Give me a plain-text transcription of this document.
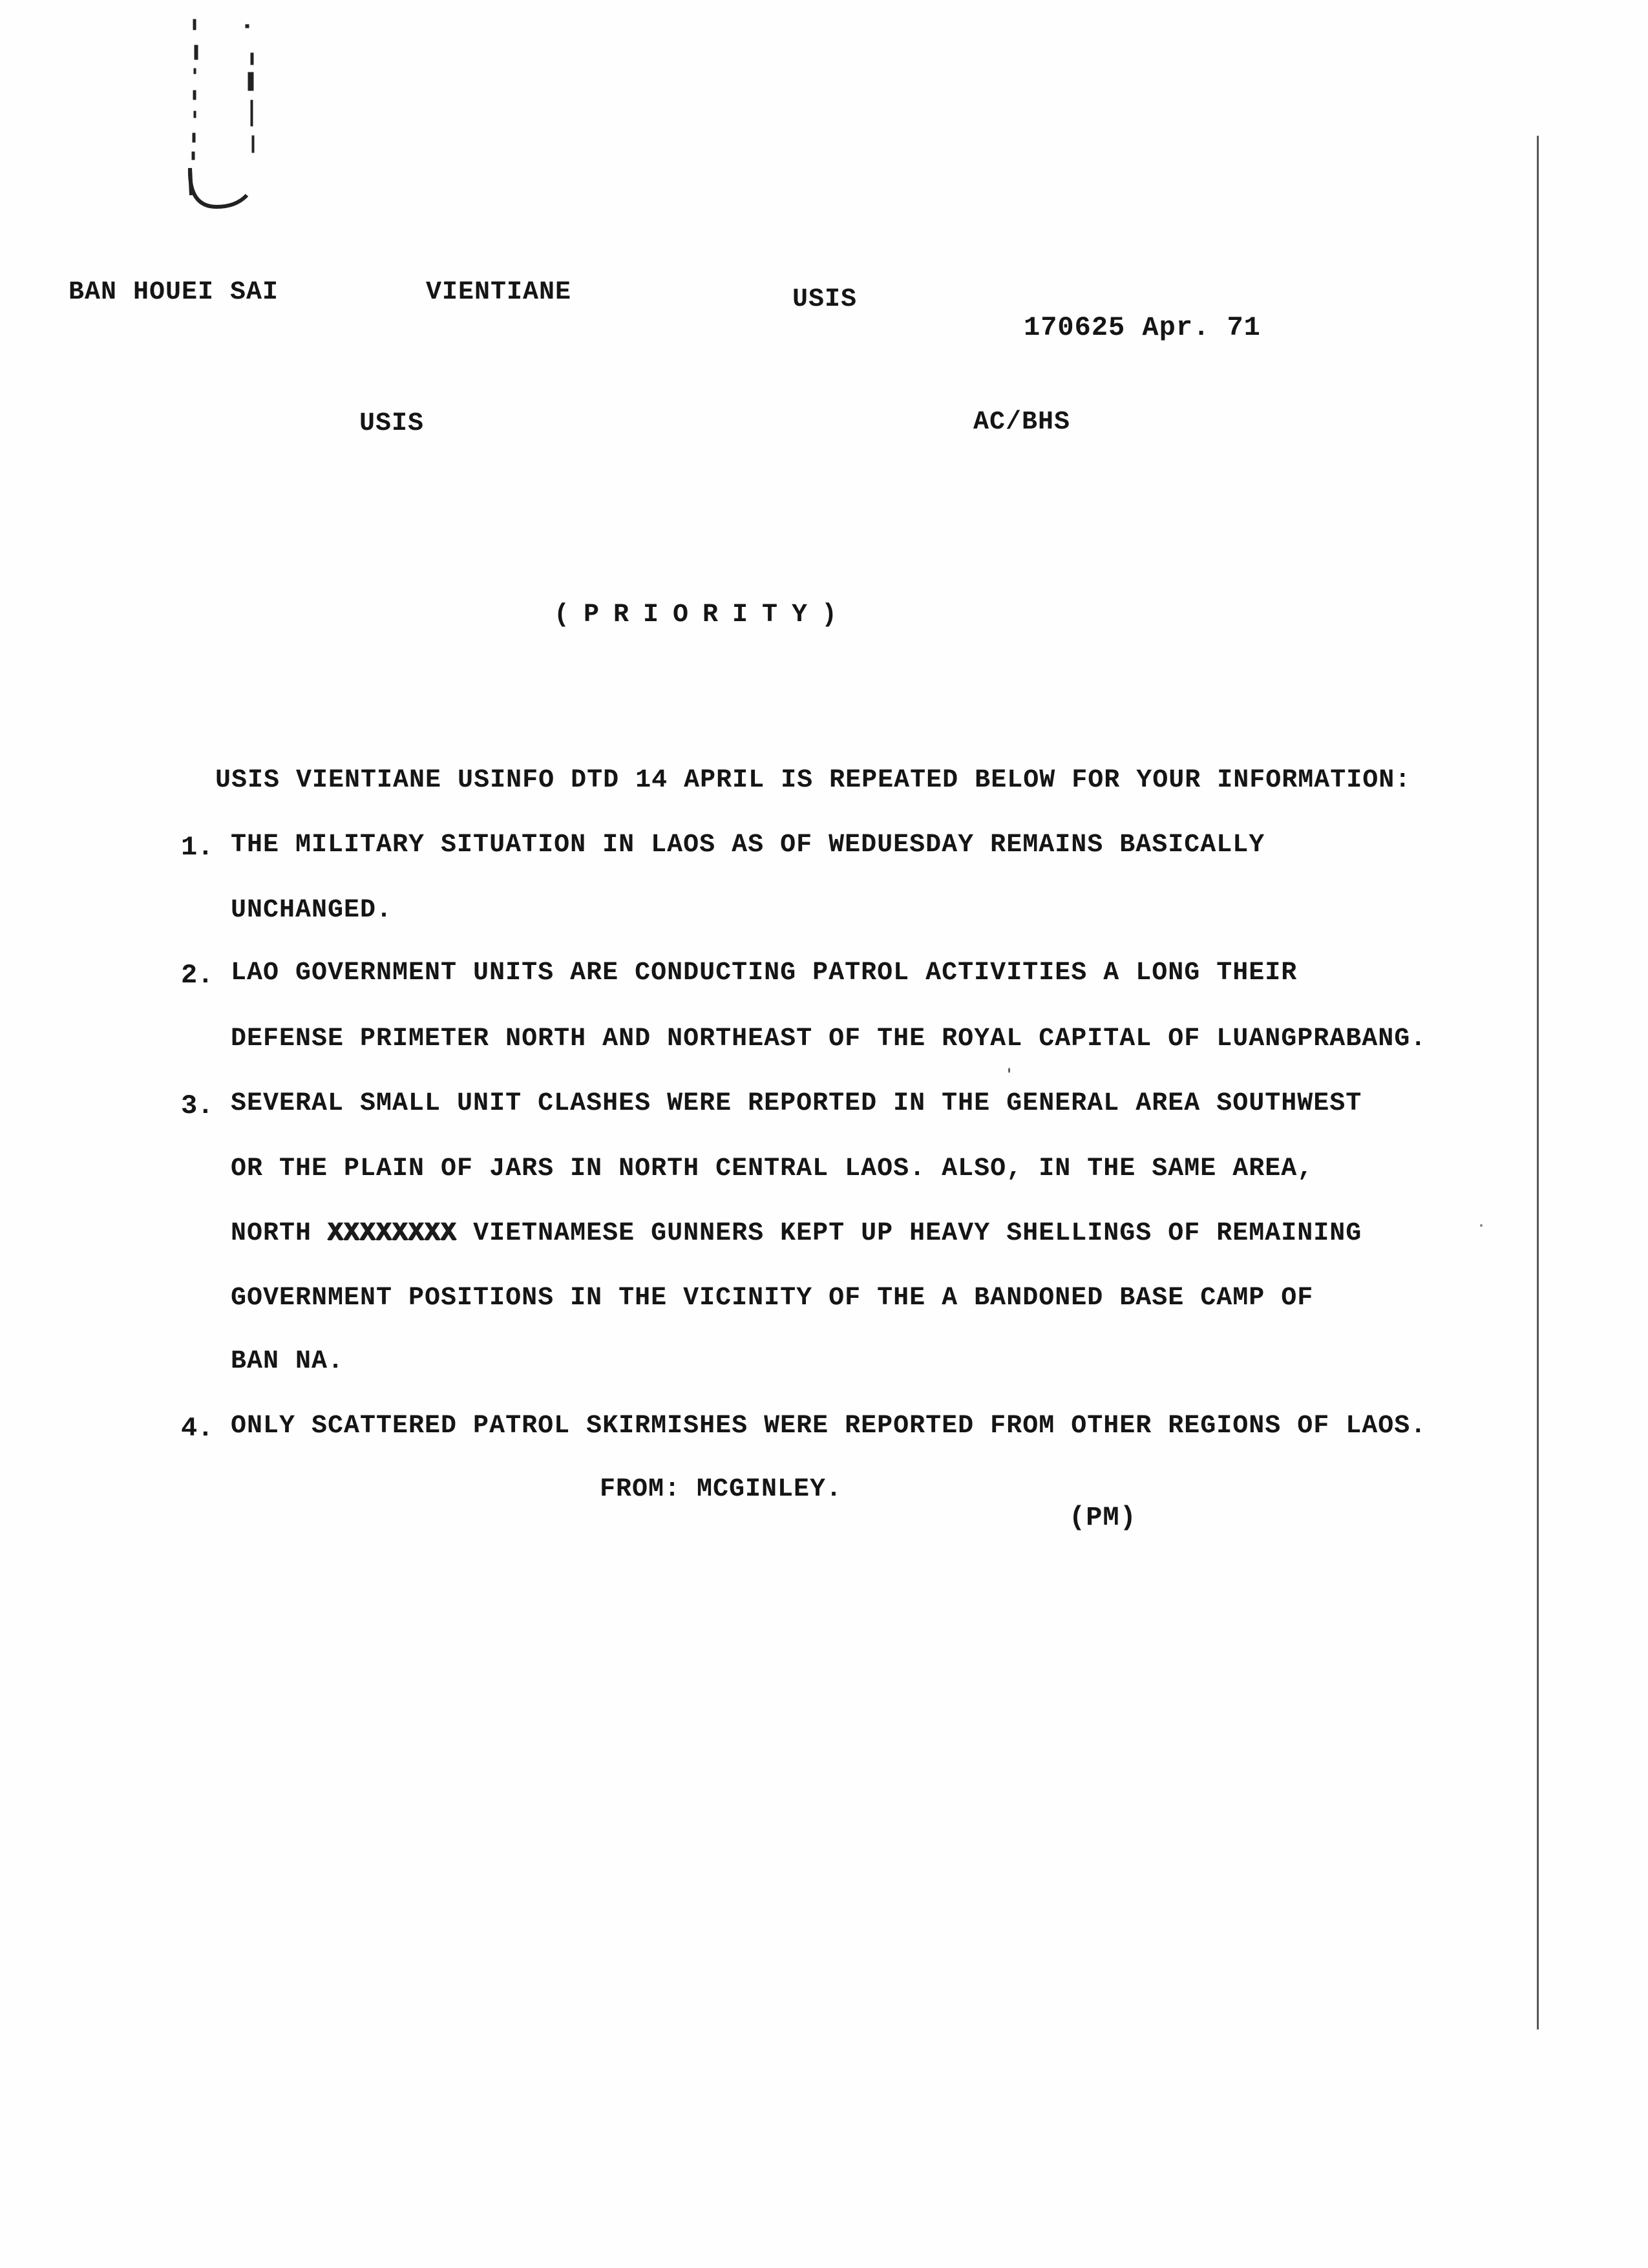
BAN HOUEI SAI	VIENTIANE	USIS
170625 Apr. 71
USIS	AC/BHS
(PRIORITY)
USIS VIENTIANE USINFO DTD 14 APRIL IS REPEATED BELOW FOR YOUR INFORMATION:
1. THE MILITARY SITUATION IN LAOS AS OF WEDUESDAY REMAINS BASICALLY
UNCHANGED.
2. LAO GOVERNMENT UNITS ARE CONDUCTING PATROL ACTIVITIES A LONG THEIR
DEFENSE PRIMETER NORTH AND NORTHEAST OF THE ROYAL CAPITAL OF LUANGPRABANG.
3. SEVERAL SMALL UNIT CLASHES WERE REPORTED IN THE GENERAL AREA SOUTHWEST
OR THE PLAIN OF JARS IN NORTH CENTRAL LAOS. ALSO, IN THE SAME AREA,
NORTH XXXXXXXX VIETNAMESE GUNNERS KEPT UP HEAVY SHELLINGS OF REMAINING
GOVERNMENT POSITIONS IN THE VICINITY OF THE A BANDONED BASE CAMP OF
BAN NA.
4. ONLY SCATTERED PATROL SKIRMISHES WERE REPORTED FROM OTHER REGIONS OF LAOS.
FROM: MCGINLEY.
(PM)
